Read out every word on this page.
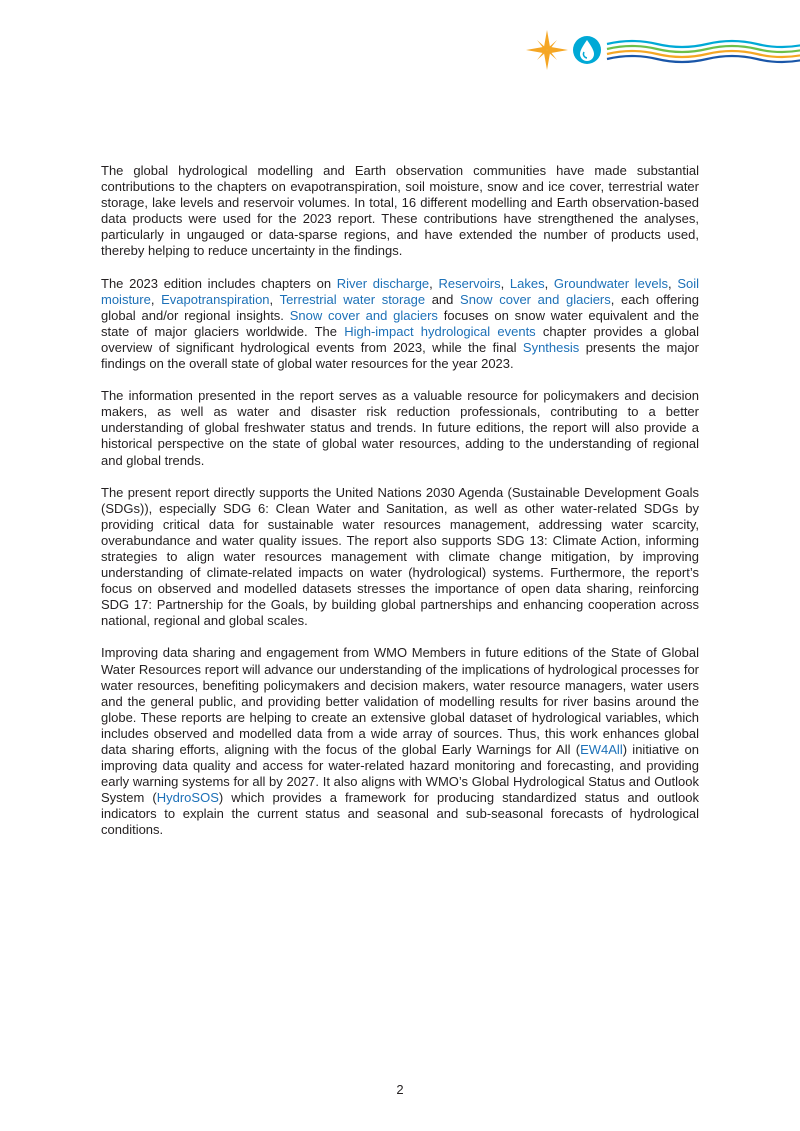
The global hydrological modelling and Earth observation communities have made substantial contributions to the chapters on evapotranspiration, soil moisture, snow and ice cover, terrestrial water storage, lake levels and reservoir volumes. In total, 16 different modelling and Earth observation-based data products were used for the 2023 report. These contributions have strengthened the analyses, particularly in ungauged or data-sparse regions, and have extended the number of products used, thereby helping to reduce uncertainty in the findings.

The 2023 edition includes chapters on River discharge, Reservoirs, Lakes, Groundwater levels, Soil moisture, Evapotranspiration, Terrestrial water storage and Snow cover and glaciers, each offering global and/or regional insights. Snow cover and glaciers focuses on snow water equivalent and the state of major glaciers worldwide. The High-impact hydrological events chapter provides a global overview of significant hydrological events from 2023, while the final Synthesis presents the major findings on the overall state of global water resources for the year 2023.

The information presented in the report serves as a valuable resource for policymakers and decision makers, as well as water and disaster risk reduction professionals, contributing to a better understanding of global freshwater status and trends. In future editions, the report will also provide a historical perspective on the state of global water resources, adding to the understanding of regional and global trends.

The present report directly supports the United Nations 2030 Agenda (Sustainable Development Goals (SDGs)), especially SDG 6: Clean Water and Sanitation, as well as other water-related SDGs by providing critical data for sustainable water resources management, addressing water scarcity, overabundance and water quality issues. The report also supports SDG 13: Climate Action, informing strategies to align water resources management with climate change mitigation, by improving understanding of climate-related impacts on water (hydrological) systems. Furthermore, the report’s focus on observed and modelled datasets stresses the importance of open data sharing, reinforcing SDG 17: Partnership for the Goals, by building global partnerships and enhancing cooperation across national, regional and global scales.

Improving data sharing and engagement from WMO Members in future editions of the State of Global Water Resources report will advance our understanding of the implications of hydrological processes for water resources, benefiting policymakers and decision makers, water resource managers, water users and the general public, and providing better validation of modelling results for river basins around the globe. These reports are helping to create an extensive global dataset of hydrological variables, which includes observed and modelled data from a wide array of sources. Thus, this work enhances global data sharing efforts, aligning with the focus of the global Early Warnings for All (EW4All) initiative on improving data quality and access for water-related hazard monitoring and forecasting, and providing early warning systems for all by 2027. It also aligns with WMO’s Global Hydrological Status and Outlook System (HydroSOS) which provides a framework for producing standardized status and outlook indicators to explain the current status and seasonal and sub-seasonal forecasts of hydrological conditions.

2
